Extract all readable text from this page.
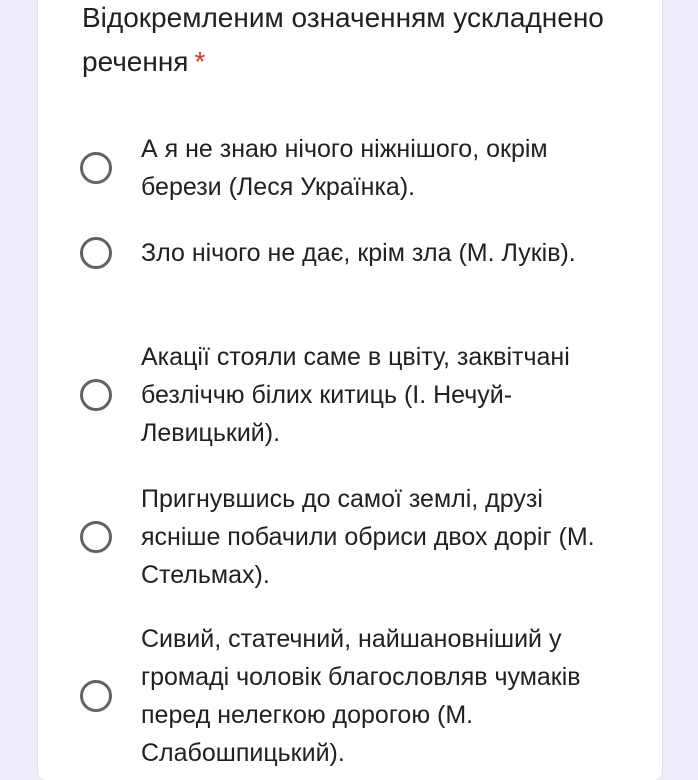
Відокремленим означенням ускладнено речення *
А я не знаю нічого ніжнішого, окрім берези (Леся Українка).
Зло нічого не дає, крім зла (М. Луків).
Акації стояли саме в цвіту, заквітчані безліччю білих китиць (І. Нечуй-Левицький).
Пригнувшись до самої землі, друзі ясніше побачили обриси двох доріг (М. Стельмах).
Сивий, статечний, найшановніший у громаді чоловік благословляв чумаків перед нелегкою дорогою (М. Слабошпицький).
